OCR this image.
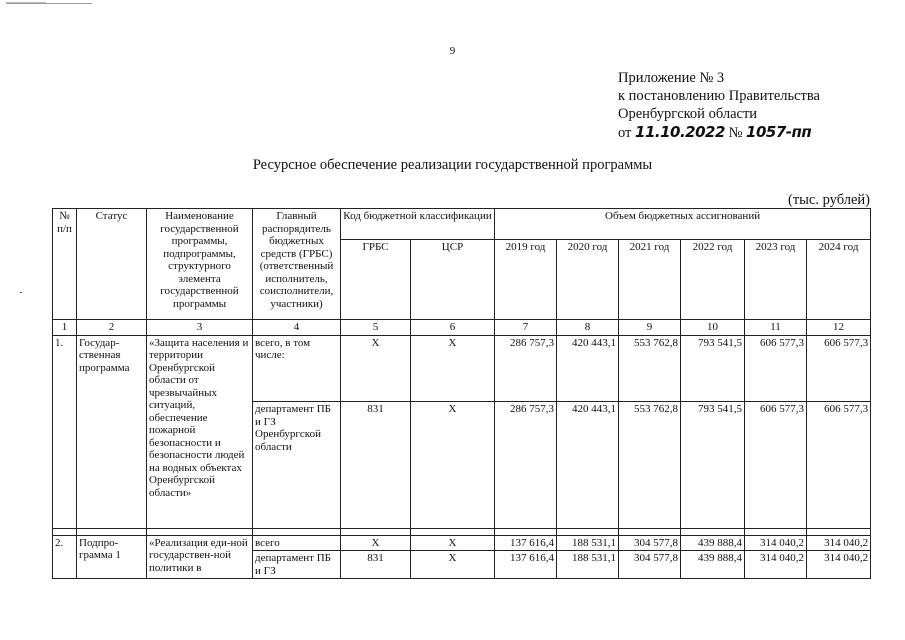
9
Приложение № 3
к постановлению Правительства
Оренбургской области
от 11.10.2022 № 1057-пп
Ресурсное обеспечение реализации государственной программы
(тыс. рублей)
№ п/п	Статус	Наименование государственной программы, подпрограммы, структурного элемента государственной программы	Главный распорядитель бюджетных средств (ГРБС) (ответственный исполнитель, соисполнители, участники)	Код бюджетной классификации		Объем бюджетных ассигнований					
				ГРБС	ЦСР	2019 год	2020 год	2021 год	2022 год	2023 год	2024 год
1	2	3	4	5	6	7	8	9	10	11	12
1.	Государ-ственная программа	«Защита населения и территории Оренбургской области от чрезвычайных ситуаций, обеспечение пожарной безопасности и безопасности людей на водных объектах Оренбургской области»	всего, в том числе:	Х	Х	286 757,3	420 443,1	553 762,8	793 541,5	606 577,3	606 577,3
			департамент ПБ и ГЗ Оренбургской области	831	Х	286 757,3	420 443,1	553 762,8	793 541,5	606 577,3	606 577,3

2.	Подпро-грамма 1	«Реализация еди-ной государствен-ной политики в	всего	Х	Х	137 616,4	188 531,1	304 577,8	439 888,4	314 040,2	314 040,2
			департамент ПБ и ГЗ	831	Х	137 616,4	188 531,1	304 577,8	439 888,4	314 040,2	314 040,2
